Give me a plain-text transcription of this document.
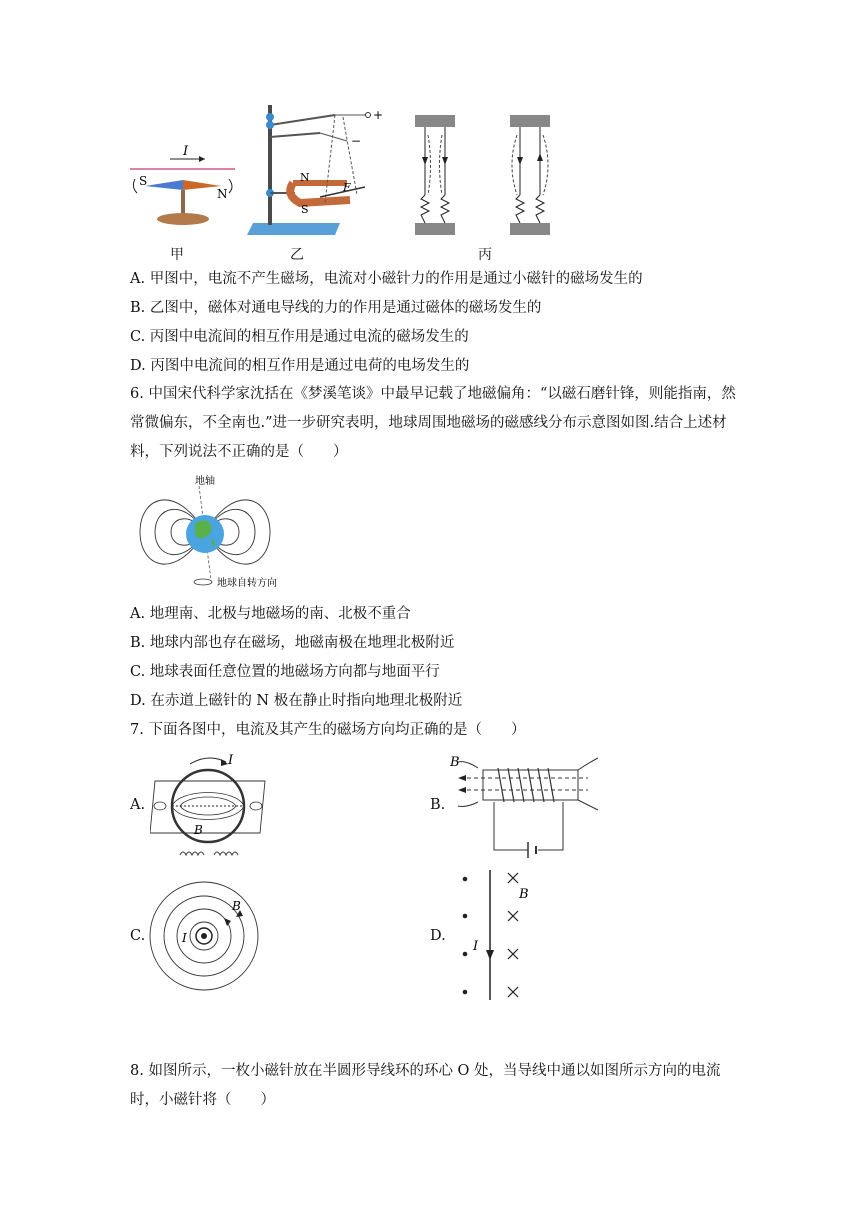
I
S
N
N
S
+
−
F
甲	乙	丙
A. 甲图中，电流不产生磁场，电流对小磁针力的作用是通过小磁针的磁场发生的
B. 乙图中，磁体对通电导线的力的作用是通过磁体的磁场发生的
C. 丙图中电流间的相互作用是通过电流的磁场发生的
D. 丙图中电流间的相互作用是通过电荷的电场发生的
6. 中国宋代科学家沈括在《梦溪笔谈》中最早记载了地磁偏角：“以磁石磨针锋，则能指南，然常微偏东，不全南也.”进一步研究表明，地球周围地磁场的磁感线分布示意图如图.结合上述材料，下列说法不正确的是（　　）
地轴
地球自转方向
A. 地理南、北极与地磁场的南、北极不重合
B. 地球内部也存在磁场，地磁南极在地理北极附近
C. 地球表面任意位置的地磁场方向都与地面平行
D. 在赤道上磁针的 N 极在静止时指向地理北极附近
7. 下面各图中，电流及其产生的磁场方向均正确的是（　　）
A.
I
B
B.
B
C.	I
B
D.
I
B
8. 如图所示，一枚小磁针放在半圆形导线环的环心 O 处，当导线中通以如图所示方向的电流时，小磁针将（　　）
